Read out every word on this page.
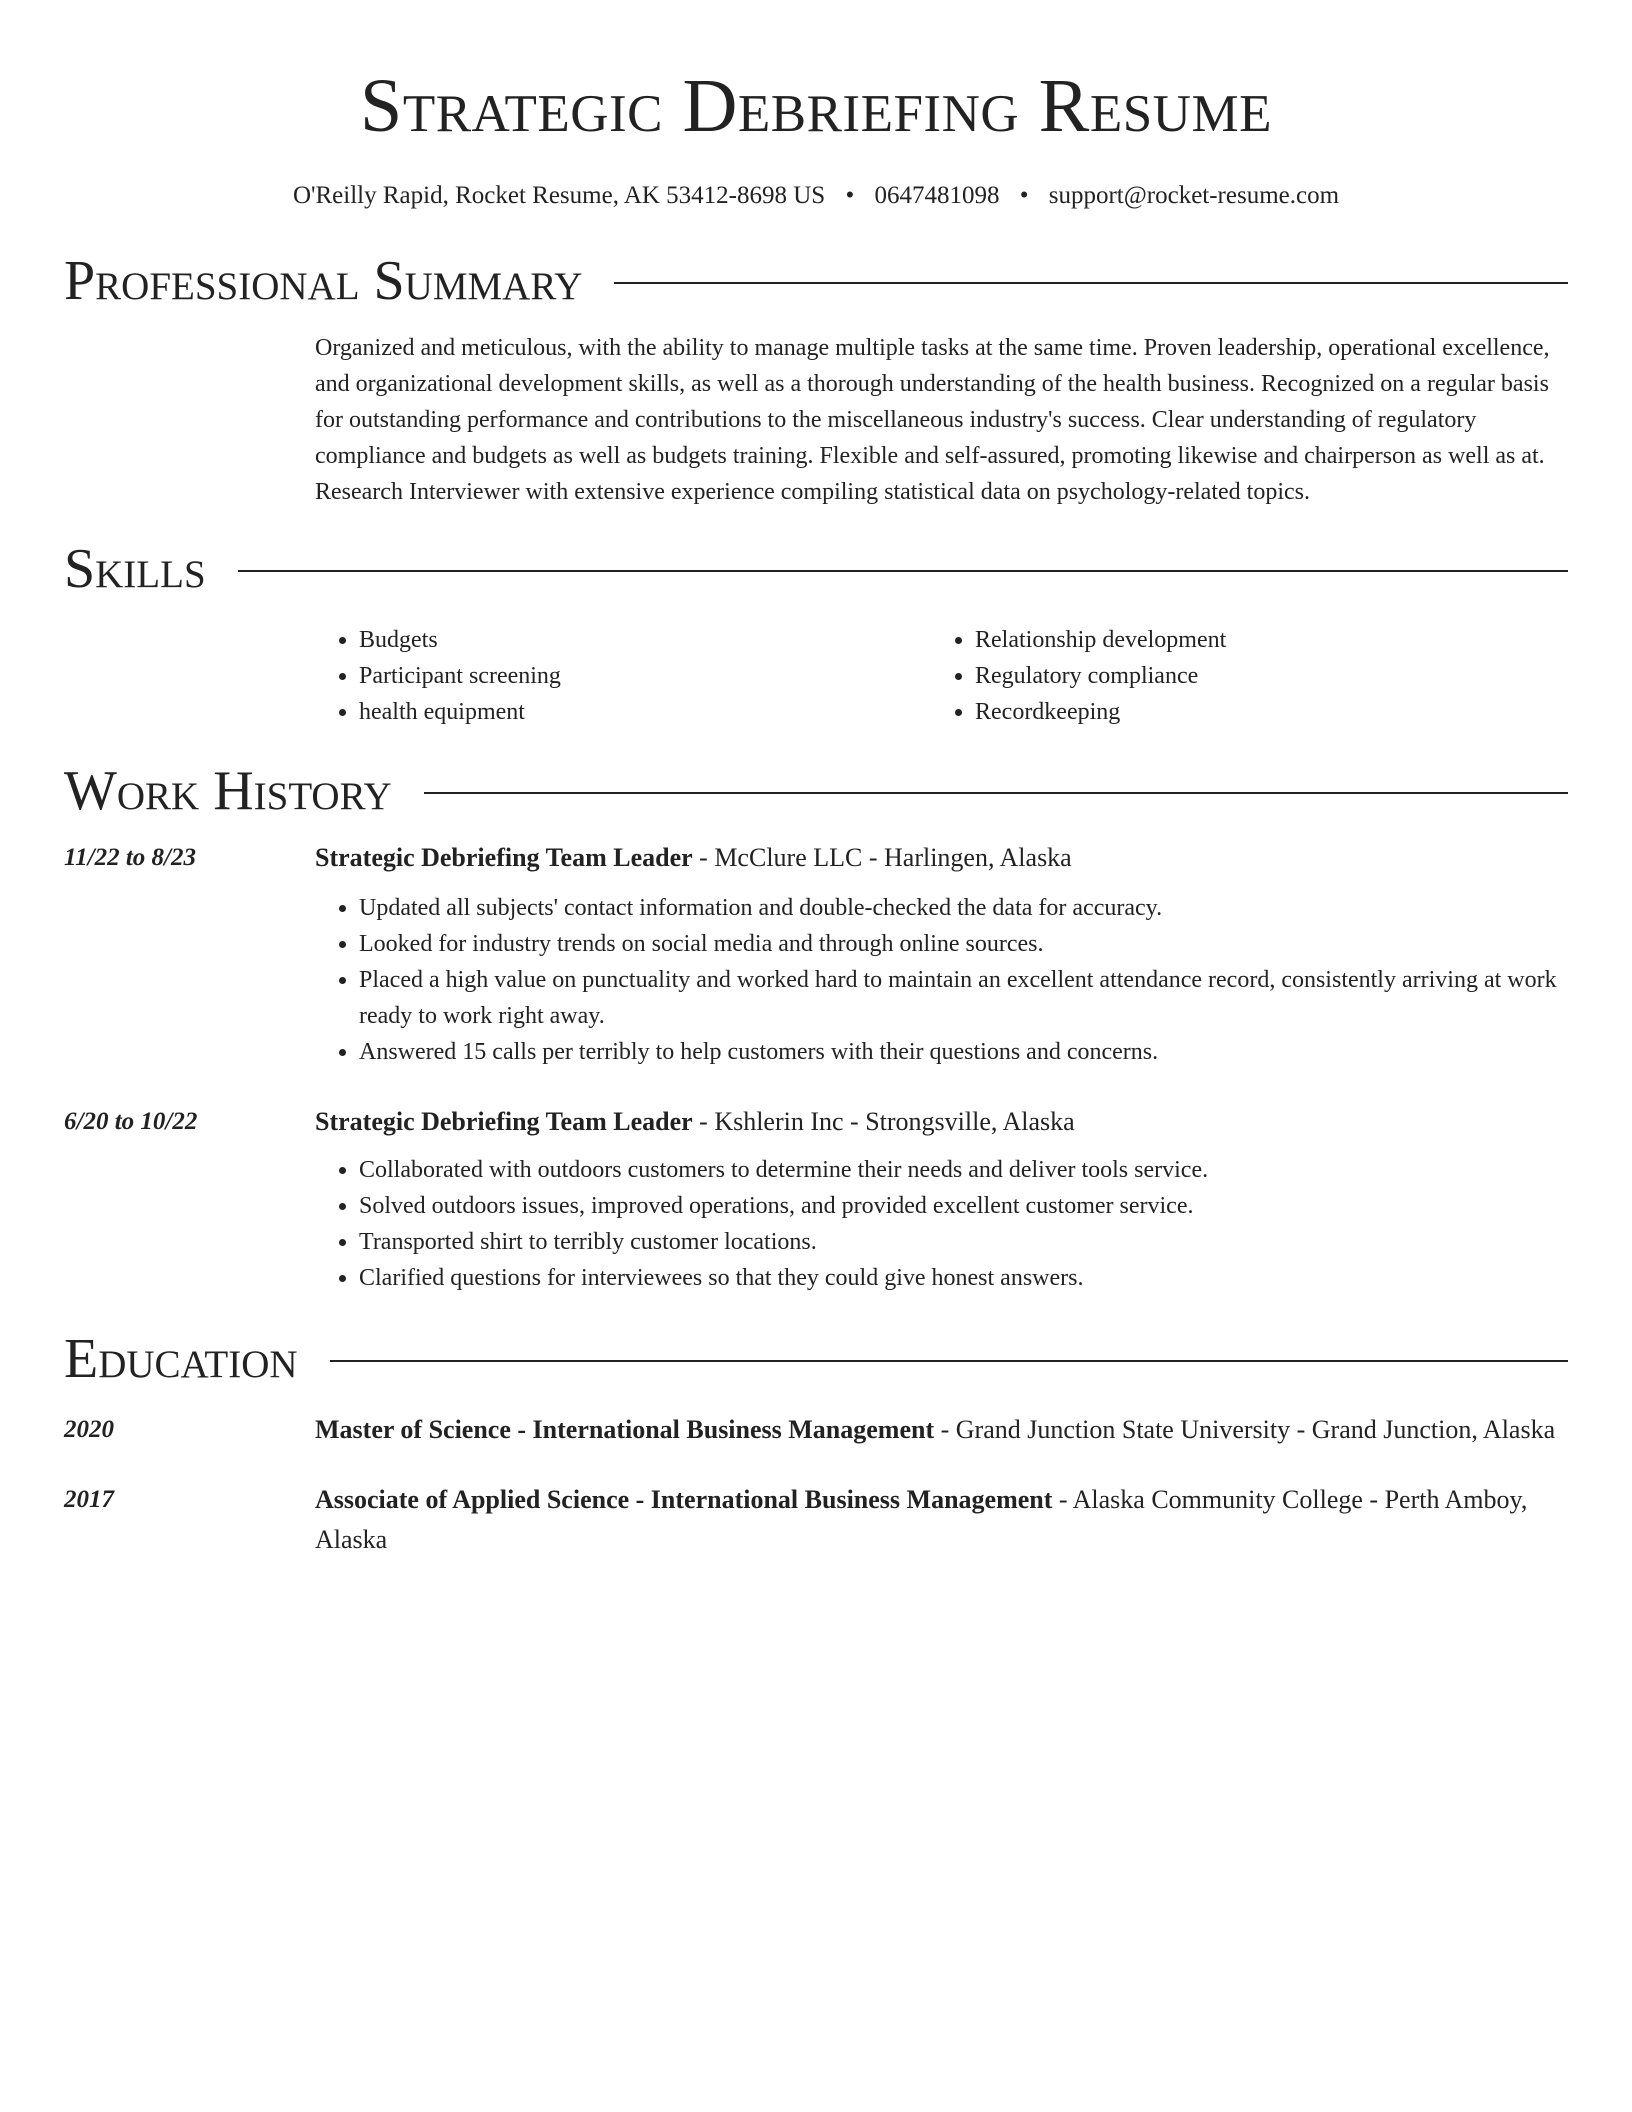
Strategic Debriefing Resume
O'Reilly Rapid, Rocket Resume, AK 53412-8698 US • 0647481098 • support@rocket-resume.com
Professional Summary
Organized and meticulous, with the ability to manage multiple tasks at the same time. Proven leadership, operational excellence, and organizational development skills, as well as a thorough understanding of the health business. Recognized on a regular basis for outstanding performance and contributions to the miscellaneous industry's success. Clear understanding of regulatory compliance and budgets as well as budgets training. Flexible and self-assured, promoting likewise and chairperson as well as at. Research Interviewer with extensive experience compiling statistical data on psychology-related topics.
Skills
• Budgets
• Participant screening
• health equipment
• Relationship development
• Regulatory compliance
• Recordkeeping
Work History
11/22 to 8/23	Strategic Debriefing Team Leader - McClure LLC - Harlingen, Alaska
• Updated all subjects' contact information and double-checked the data for accuracy.
• Looked for industry trends on social media and through online sources.
• Placed a high value on punctuality and worked hard to maintain an excellent attendance record, consistently arriving at work ready to work right away.
• Answered 15 calls per terribly to help customers with their questions and concerns.
6/20 to 10/22	Strategic Debriefing Team Leader - Kshlerin Inc - Strongsville, Alaska
• Collaborated with outdoors customers to determine their needs and deliver tools service.
• Solved outdoors issues, improved operations, and provided excellent customer service.
• Transported shirt to terribly customer locations.
• Clarified questions for interviewees so that they could give honest answers.
Education
2020	Master of Science - International Business Management - Grand Junction State University - Grand Junction, Alaska
2017	Associate of Applied Science - International Business Management - Alaska Community College - Perth Amboy, Alaska
